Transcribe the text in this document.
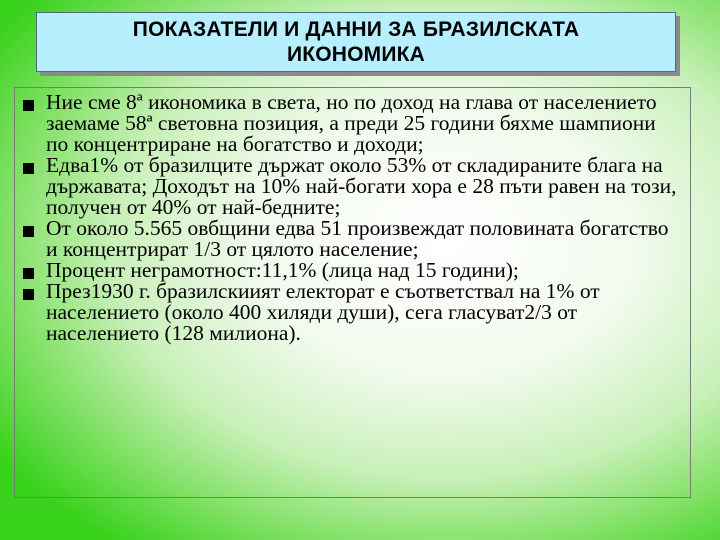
ПОКАЗАТЕЛИ И ДАННИ ЗА БРАЗИЛСКАТА
ИКОНОМИКА
Ние сме 8ª икономика в света, но по доход на глава от населението заемаме 58ª световна позиция, а преди 25 години бяхме шампиони по концентриране на богатство и доходи;
Едва1% от бразилците държат около 53% от складираните блага на държавата; Доходът на 10% най-богати хора е 28 пъти равен на този, получен от 40% от най-бедните;
От около 5.565 овбщини едва 51 произвеждат половината богатство и концентрират 1/3 от цялото население;
Процент неграмотност:11,1% (лица над 15 години);
През1930 г. бразилскиият електорат е съответствал на 1% от населението (около 400 хиляди души), сега гласуват2/3 от населението (128 милиона).
